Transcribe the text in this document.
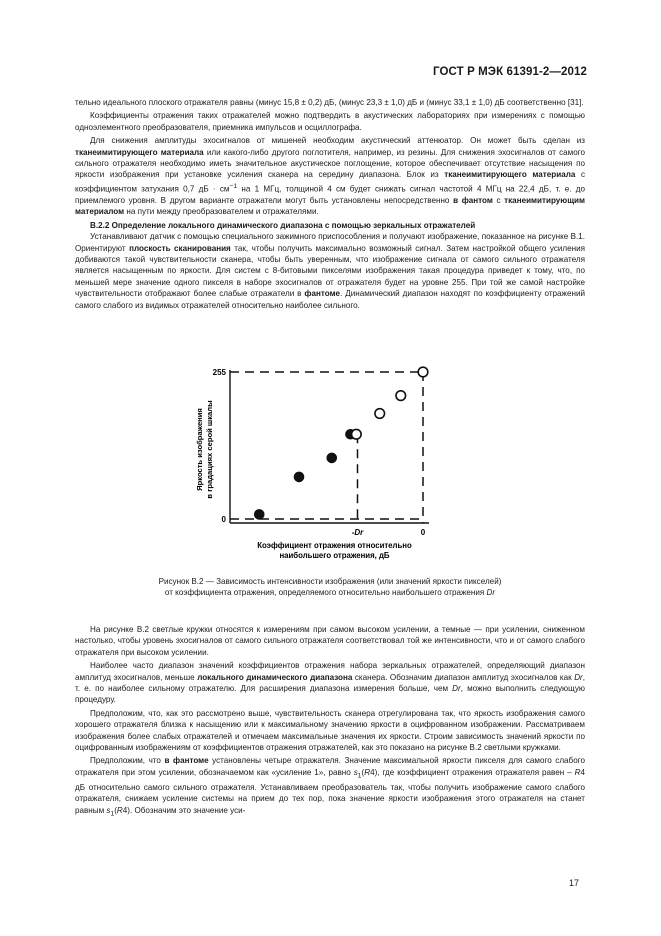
ГОСТ Р МЭК 61391-2—2012

тельно идеального плоского отражателя равны (минус 15,8 ± 0,2) дБ, (минус 23,3 ± 1,0) дБ и (минус 33,1 ± 1,0) дБ соответственно [31].

Коэффициенты отражения таких отражателей можно подтвердить в акустических лабораториях при измерениях с помощью одноэлементного преобразователя, приемника импульсов и осциллографа.

Для снижения амплитуды эхосигналов от мишеней необходим акустический аттенюатор. Он может быть сделан из тканеимитирующего материала или какого-либо другого поглотителя, например, из резины. Для снижения эхосигналов от самого сильного отражателя необходимо иметь значительное акустическое поглощение, которое обеспечивает отсутствие насыщения по яркости изображения при установке усиления сканера на середину диапазона. Блок из тканеимитирующего материала с коэффициентом затухания 0,7 дБ · $см^{-1}$ на 1 МГц, толщиной 4 см будет снижать сигнал частотой 4 МГц на 22,4 дБ, т. е. до приемлемого уровня. В другом варианте отражатели могут быть установлены непосредственно в фантом с тканеимитирующим материалом на пути между преобразователем и отражателями.

В.2.2 Определение локального динамического диапазона с помощью зеркальных отражателей

Устанавливают датчик с помощью специального зажимного приспособления и получают изображение, показанное на рисунке В.1. Ориентируют плоскость сканирования так, чтобы получить максимально возможный сигнал. Затем настройкой общего усиления добиваются такой чувствительности сканера, чтобы быть уверенным, что изображение сигнала от самого сильного отражателя является насыщенным по яркости. Для систем с 8-битовыми пикселями изображения такая процедура приведет к тому, что, по меньшей мере значение одного пикселя в наборе эхосигналов от отражателя будет на уровне 255. При той же самой настройке чувствительности отображают более слабые отражатели в фантоме. Динамический диапазон находят по коэффициенту отражений самого слабого из видимых отражателей относительно наиболее сильного.

255
0
-Dr	0
Яркость изображенияв градациях серой шкалы
Коэффициент отражения относительно
наибольшего отражения, дБ
Рисунок В.2 — Зависимость интенсивности изображения (или значений яркости пикселей)
от коэффициента отражения, определяемого относительно наибольшего отражения Dr

На рисунке В.2 светлые кружки относятся к измерениям при самом высоком усилении, а темные — при усилении, сниженном настолько, чтобы уровень эхосигналов от самого сильного отражателя соответствовал той же интенсивности, что и от самого слабого отражателя при высоком усилении.

Наиболее часто диапазон значений коэффициентов отражения набора зеркальных отражателей, определяющий диапазон амплитуд эхосигналов, меньше локального динамического диапазона сканера. Обозначим диапазон амплитуд эхосигналов как Dr, т. е. по наиболее сильному отражателю. Для расширения диапазона измерения больше, чем Dr, можно выполнить следующую процедуру.

Предположим, что, как это рассмотрено выше, чувствительность сканера отрегулирована так, что яркость изображения самого хорошего отражателя близка к насыщению или к максимальному значению яркости в оцифрованном изображении. Рассматриваем изображения более слабых отражателей и отмечаем максимальные значения их яркости. Строим зависимость значений яркости по оцифрованным изображениям от коэффициентов отражения отражателей, как это показано на рисунке В.2 светлыми кружками.

Предположим, что в фантоме установлены четыре отражателя. Значение максимальной яркости пикселя для самого слабого отражателя при этом усилении, обозначаемом как «усиление 1», равно $s_1(R4)$, где коэффициент отражения отражателя равен – R4 дБ относительно самого сильного отражателя. Устанавливаем преобразователь так, чтобы получить изображение самого слабого отражателя, снижаем усиление системы на прием до тех пор, пока значение яркости изображения этого отражателя на станет равным $s_1(R4)$. Обозначим это значение уси-

17
